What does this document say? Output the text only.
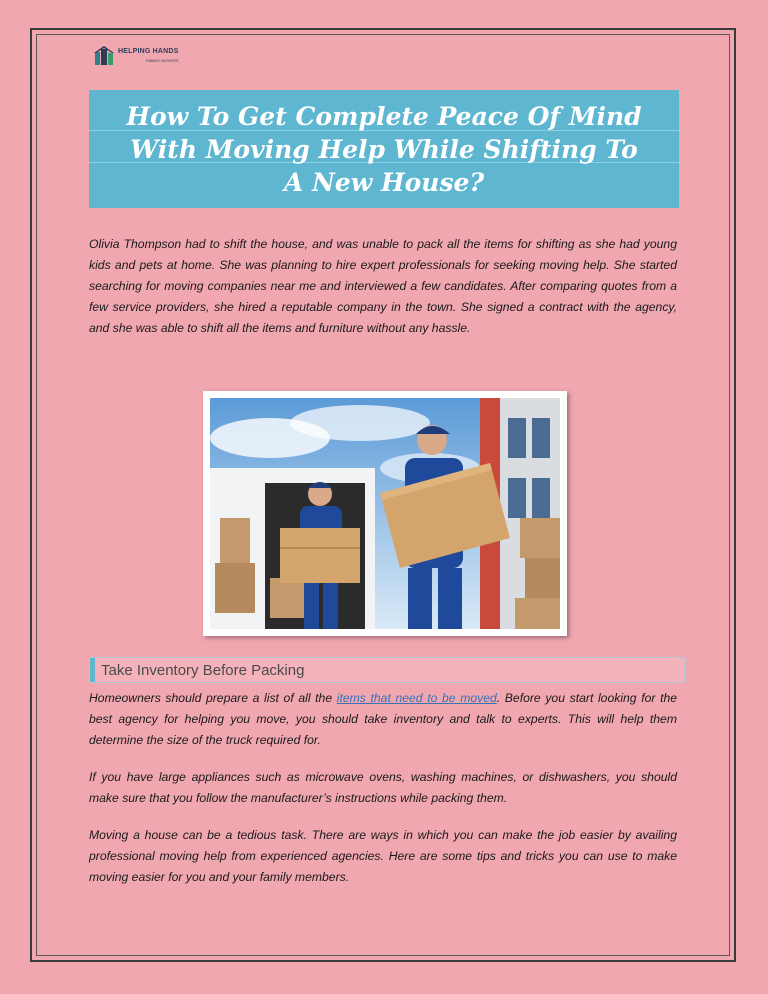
HELPING HANDS
FAMILY MOVERS
How To Get Complete Peace Of Mind With Moving Help While Shifting To A New House?

Olivia Thompson had to shift the house, and was unable to pack all the items for shifting as she had young kids and pets at home. She was planning to hire expert professionals for seeking moving help. She started searching for moving companies near me and interviewed a few candidates. After comparing quotes from a few service providers, she hired a reputable company in the town. She signed a contract with the agency, and she was able to shift all the items and furniture without any hassle.

Take Inventory Before Packing

Homeowners should prepare a list of all the items that need to be moved. Before you start looking for the best agency for helping you move, you should take inventory and talk to experts. This will help them determine the size of the truck required for.

If you have large appliances such as microwave ovens, washing machines, or dishwashers, you should make sure that you follow the manufacturer’s instructions while packing them.

Moving a house can be a tedious task. There are ways in which you can make the job easier by availing professional moving help from experienced agencies. Here are some tips and tricks you can use to make moving easier for you and your family members.
